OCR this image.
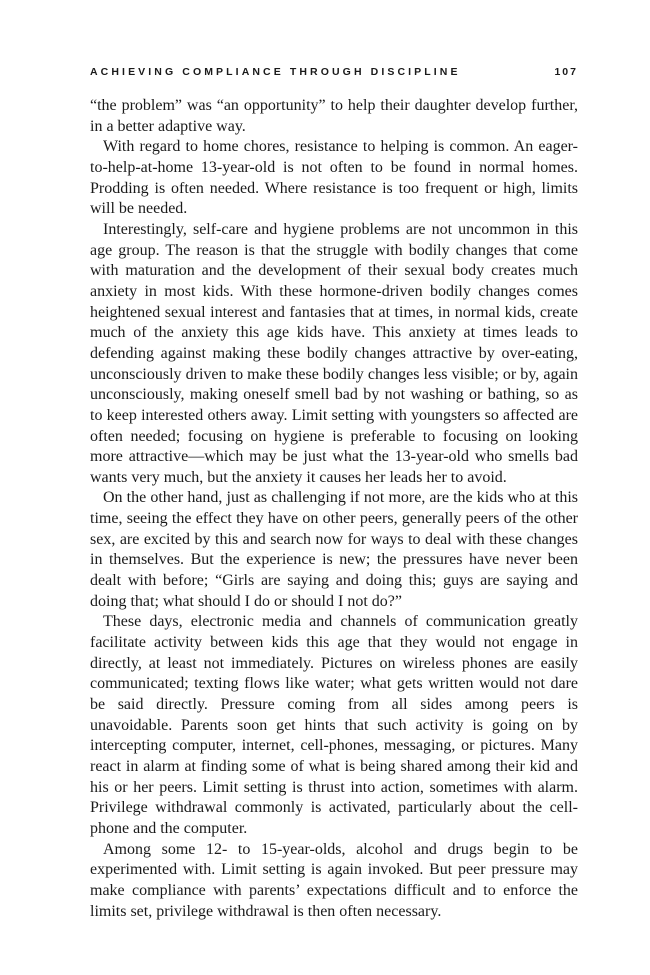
ACHIEVING COMPLIANCE THROUGH DISCIPLINE	107

“the problem” was “an opportunity” to help their daughter develop further, in a better adaptive way.

With regard to home chores, resistance to helping is common. An eager-to-help-at-home 13-year-old is not often to be found in normal homes. Prodding is often needed. Where resistance is too frequent or high, limits will be needed.

Interestingly, self-care and hygiene problems are not uncommon in this age group. The reason is that the struggle with bodily changes that come with maturation and the development of their sexual body creates much anxiety in most kids. With these hormone-driven bodily changes comes heightened sexual interest and fantasies that at times, in normal kids, create much of the anxiety this age kids have. This anxiety at times leads to defending against making these bodily changes attractive by over-eating, unconsciously driven to make these bodily changes less visible; or by, again unconsciously, making oneself smell bad by not washing or bathing, so as to keep interested others away. Limit setting with youngsters so affected are often needed; focusing on hygiene is preferable to focusing on looking more attractive—which may be just what the 13-year-old who smells bad wants very much, but the anxiety it causes her leads her to avoid.

On the other hand, just as challenging if not more, are the kids who at this time, seeing the effect they have on other peers, generally peers of the other sex, are excited by this and search now for ways to deal with these changes in themselves. But the experience is new; the pressures have never been dealt with before; “Girls are saying and doing this; guys are saying and doing that; what should I do or should I not do?”

These days, electronic media and channels of communication greatly facilitate activity between kids this age that they would not engage in directly, at least not immediately. Pictures on wireless phones are easily communicated; texting flows like water; what gets written would not dare be said directly. Pressure coming from all sides among peers is unavoidable. Parents soon get hints that such activity is going on by intercepting computer, internet, cell-phones, messaging, or pictures. Many react in alarm at finding some of what is being shared among their kid and his or her peers. Limit setting is thrust into action, sometimes with alarm. Privilege withdrawal commonly is activated, particularly about the cell-phone and the computer.

Among some 12- to 15-year-olds, alcohol and drugs begin to be experimented with. Limit setting is again invoked. But peer pressure may make compliance with parents’ expectations difficult and to enforce the limits set, privilege withdrawal is then often necessary.
